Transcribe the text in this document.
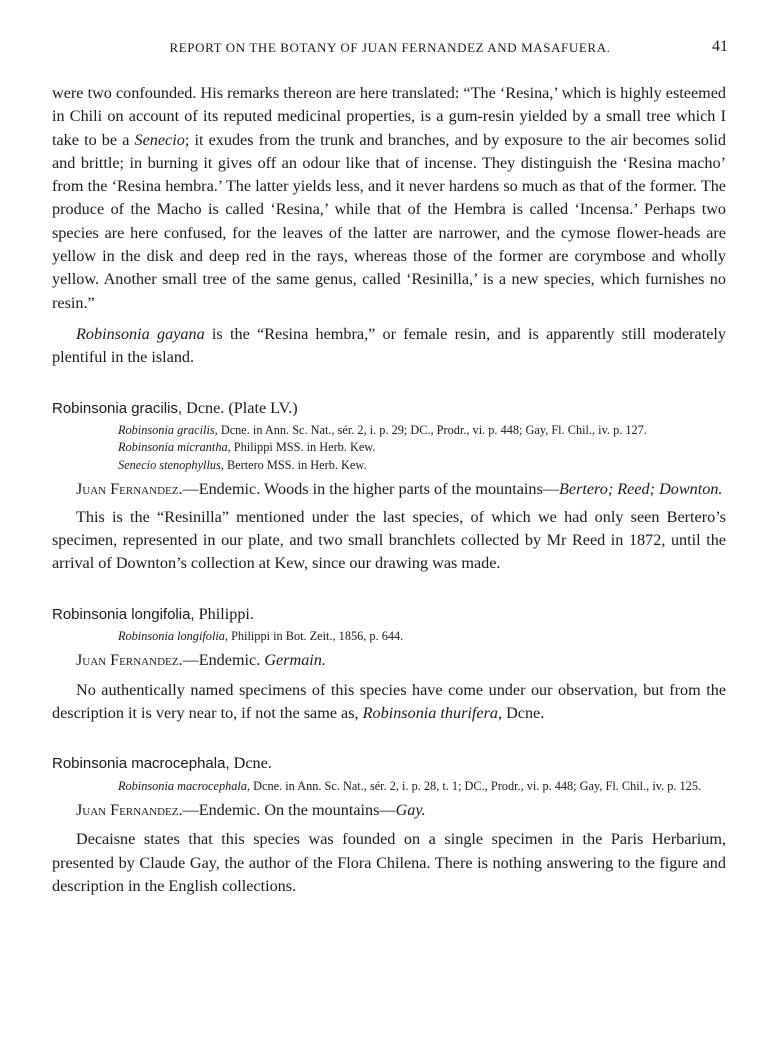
REPORT ON THE BOTANY OF JUAN FERNANDEZ AND MASAFUERA.	41

were two confounded. His remarks thereon are here translated: “The ‘Resina,’ which is highly esteemed in Chili on account of its reputed medicinal properties, is a gum-resin yielded by a small tree which I take to be a Senecio; it exudes from the trunk and branches, and by exposure to the air becomes solid and brittle; in burning it gives off an odour like that of incense. They distinguish the ‘Resina macho’ from the ‘Resina hembra.’ The latter yields less, and it never hardens so much as that of the former. The produce of the Macho is called ‘Resina,’ while that of the Hembra is called ‘Incensa.’ Perhaps two species are here confused, for the leaves of the latter are narrower, and the cymose flower-heads are yellow in the disk and deep red in the rays, whereas those of the former are corymbose and wholly yellow. Another small tree of the same genus, called ‘Resinilla,’ is a new species, which furnishes no resin.”

Robinsonia gayana is the “Resina hembra,” or female resin, and is apparently still moderately plentiful in the island.

Robinsonia gracilis, Dcne. (Plate LV.)

Robinsonia gracilis, Dcne. in Ann. Sc. Nat., sér. 2, i. p. 29; DC., Prodr., vi. p. 448; Gay, Fl. Chil., iv. p. 127.

Robinsonia micrantha, Philippi MSS. in Herb. Kew.

Senecio stenophyllus, Bertero MSS. in Herb. Kew.

Juan Fernandez.—Endemic. Woods in the higher parts of the mountains—Bertero; Reed; Downton.

This is the “Resinilla” mentioned under the last species, of which we had only seen Bertero’s specimen, represented in our plate, and two small branchlets collected by Mr Reed in 1872, until the arrival of Downton’s collection at Kew, since our drawing was made.

Robinsonia longifolia, Philippi.

Robinsonia longifolia, Philippi in Bot. Zeit., 1856, p. 644.

Juan Fernandez.—Endemic. Germain.

No authentically named specimens of this species have come under our observation, but from the description it is very near to, if not the same as, Robinsonia thurifera, Dcne.

Robinsonia macrocephala, Dcne.

Robinsonia macrocephala, Dcne. in Ann. Sc. Nat., sér. 2, i. p. 28, t. 1; DC., Prodr., vi. p. 448; Gay, Fl. Chil., iv. p. 125.

Juan Fernandez.—Endemic. On the mountains—Gay.

Decaisne states that this species was founded on a single specimen in the Paris Herbarium, presented by Claude Gay, the author of the Flora Chilena. There is nothing answering to the figure and description in the English collections.
